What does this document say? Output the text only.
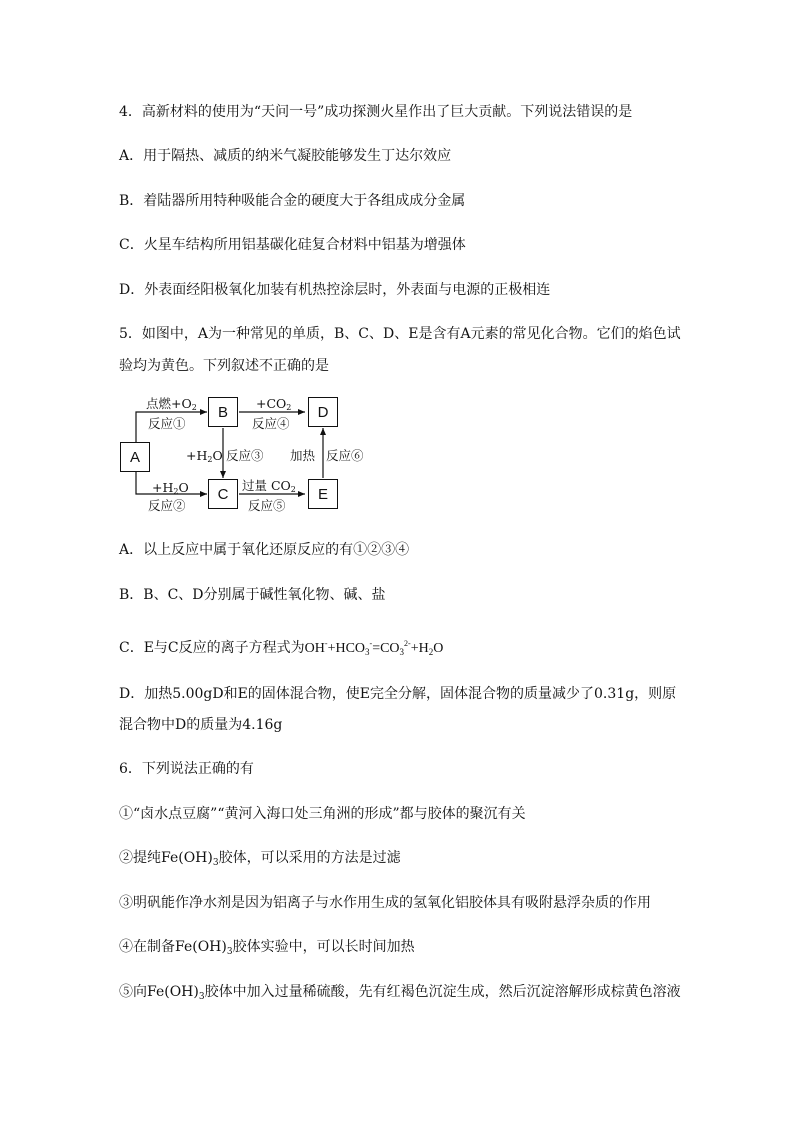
4．高新材料的使用为“天问一号”成功探测火星作出了巨大贡献。下列说法错误的是
A．用于隔热、减质的纳米气凝胶能够发生丁达尔效应
B．着陆器所用特种吸能合金的硬度大于各组成成分金属
C．火星车结构所用铝基碳化硅复合材料中铝基为增强体
D．外表面经阳极氧化加装有机热控涂层时，外表面与电源的正极相连
5．如图中，A为一种常见的单质，B、C、D、E是含有A元素的常见化合物。它们的焰色试
验均为黄色。下列叙述不正确的是
A
B
C
D
E
点燃+O2
反应①
+H2O
反应②
+H2O 反应③
+CO2
反应④
过量 CO2
反应⑤
加热 反应⑥
A．以上反应中属于氧化还原反应的有①②③④
B．B、C、D分别属于碱性氧化物、碱、盐
C．E与C反应的离子方程式为$OH^-+HCO_3^-=CO_3^{2-}+H_2O$
D．加热5.00gD和E的固体混合物，使E完全分解，固体混合物的质量减少了0.31g，则原
混合物中D的质量为4.16g
6．下列说法正确的有
①“卤水点豆腐”“黄河入海口处三角洲的形成”都与胶体的聚沉有关
②提纯$Fe(OH)_3$胶体，可以采用的方法是过滤
③明矾能作净水剂是因为铝离子与水作用生成的氢氧化铝胶体具有吸附悬浮杂质的作用
④在制备$Fe(OH)_3$胶体实验中，可以长时间加热
⑤向$Fe(OH)_3$胶体中加入过量稀硫酸，先有红褐色沉淀生成，然后沉淀溶解形成棕黄色溶液
